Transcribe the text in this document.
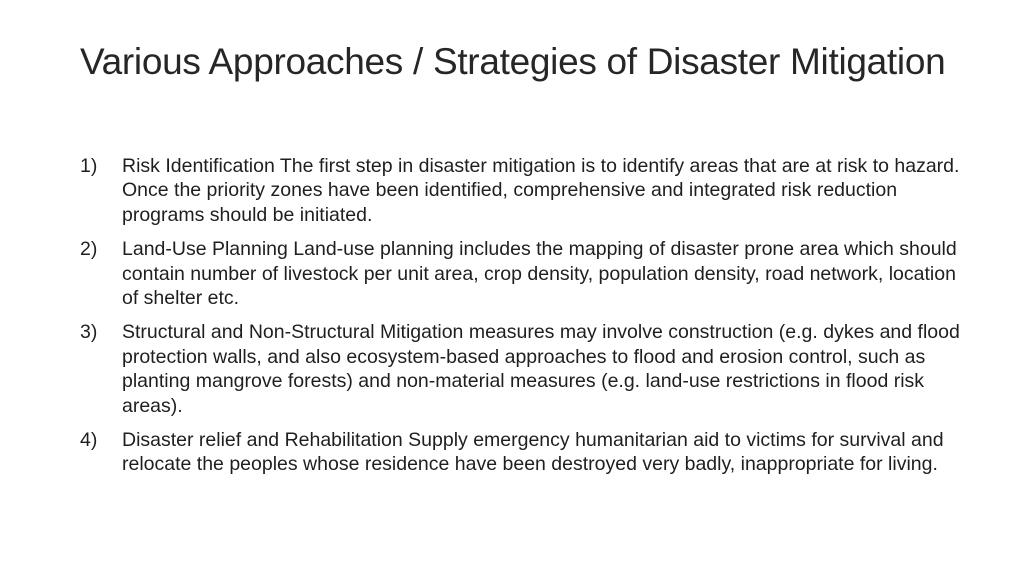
Various Approaches / Strategies of Disaster Mitigation
1)	Risk Identification The first step in disaster mitigation is to identify areas that are at risk to hazard. Once the priority zones have been identified, comprehensive and integrated risk reduction programs should be initiated.
2)	Land-Use Planning Land-use planning includes the mapping of disaster prone area which should contain number of livestock per unit area, crop density, population density, road network, location of shelter etc.
3)	Structural and Non-Structural Mitigation measures may involve construction (e.g. dykes and flood protection walls, and also ecosystem-based approaches to flood and erosion control, such as planting mangrove forests) and non-material measures (e.g. land-use restrictions in flood risk areas).
4)	Disaster relief and Rehabilitation Supply emergency humanitarian aid to victims for survival and relocate the peoples whose residence have been destroyed very badly, inappropriate for living.
